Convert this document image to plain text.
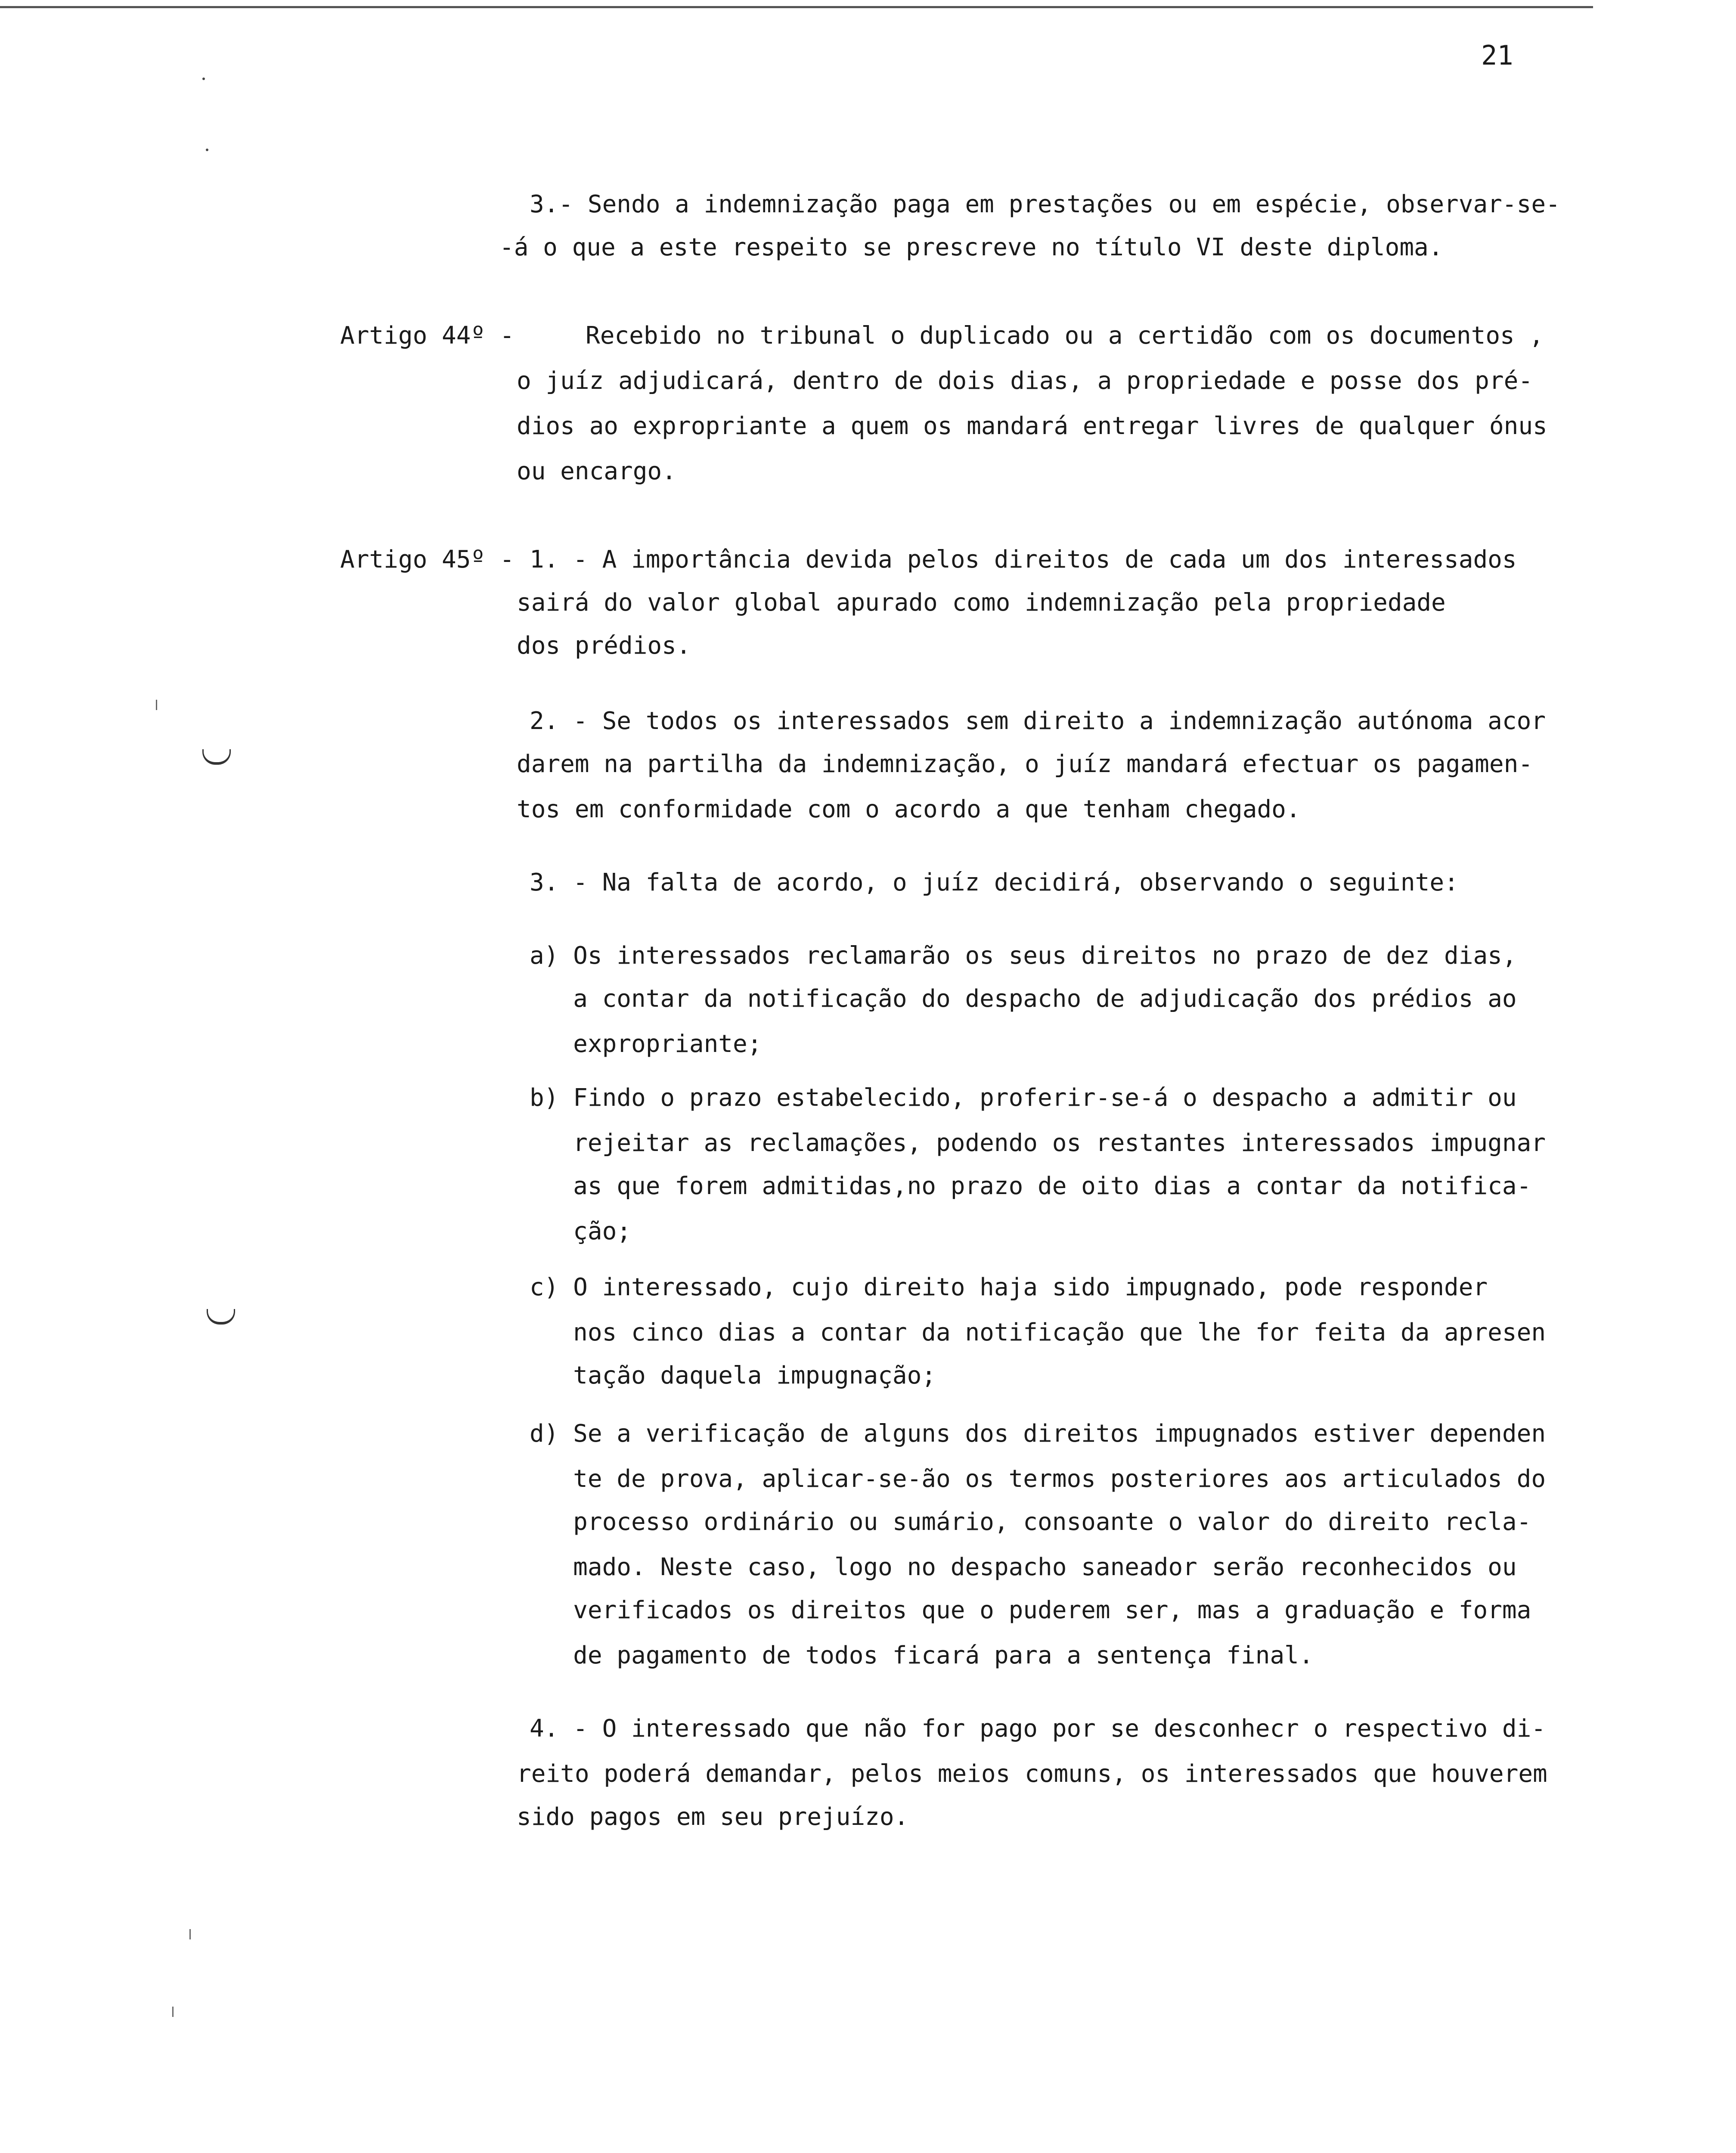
21
3.- Sendo a indemnização paga em prestações ou em espécie, observar-se-
-á o que a este respeito se prescreve no título VI deste diploma.
Artigo 44º -	Recebido no tribunal o duplicado ou a certidão com os documentos ,
o juíz adjudicará, dentro de dois dias, a propriedade e posse dos pré-
dios ao expropriante a quem os mandará entregar livres de qualquer ónus
ou encargo.
Artigo 45º - 1. - A importância devida pelos direitos de cada um dos interessados
sairá do valor global apurado como indemnização pela propriedade
dos prédios.
2. - Se todos os interessados sem direito a indemnização autónoma acor
darem na partilha da indemnização, o juíz mandará efectuar os pagamen-
tos em conformidade com o acordo a que tenham chegado.
3. - Na falta de acordo, o juíz decidirá, observando o seguinte:
a) Os interessados reclamarão os seus direitos no prazo de dez dias,
a contar da notificação do despacho de adjudicação dos prédios ao
expropriante;
b) Findo o prazo estabelecido, proferir-se-á o despacho a admitir ou
rejeitar as reclamações, podendo os restantes interessados impugnar
as que forem admitidas,no prazo de oito dias a contar da notifica-
ção;
c) O interessado, cujo direito haja sido impugnado, pode responder
nos cinco dias a contar da notificação que lhe for feita da apresen
tação daquela impugnação;
d) Se a verificação de alguns dos direitos impugnados estiver dependen
te de prova, aplicar-se-ão os termos posteriores aos articulados do
processo ordinário ou sumário, consoante o valor do direito recla-
mado. Neste caso, logo no despacho saneador serão reconhecidos ou
verificados os direitos que o puderem ser, mas a graduação e forma
de pagamento de todos ficará para a sentença final.
4. - O interessado que não for pago por se desconhecr o respectivo di-
reito poderá demandar, pelos meios comuns, os interessados que houverem
sido pagos em seu prejuízo.
